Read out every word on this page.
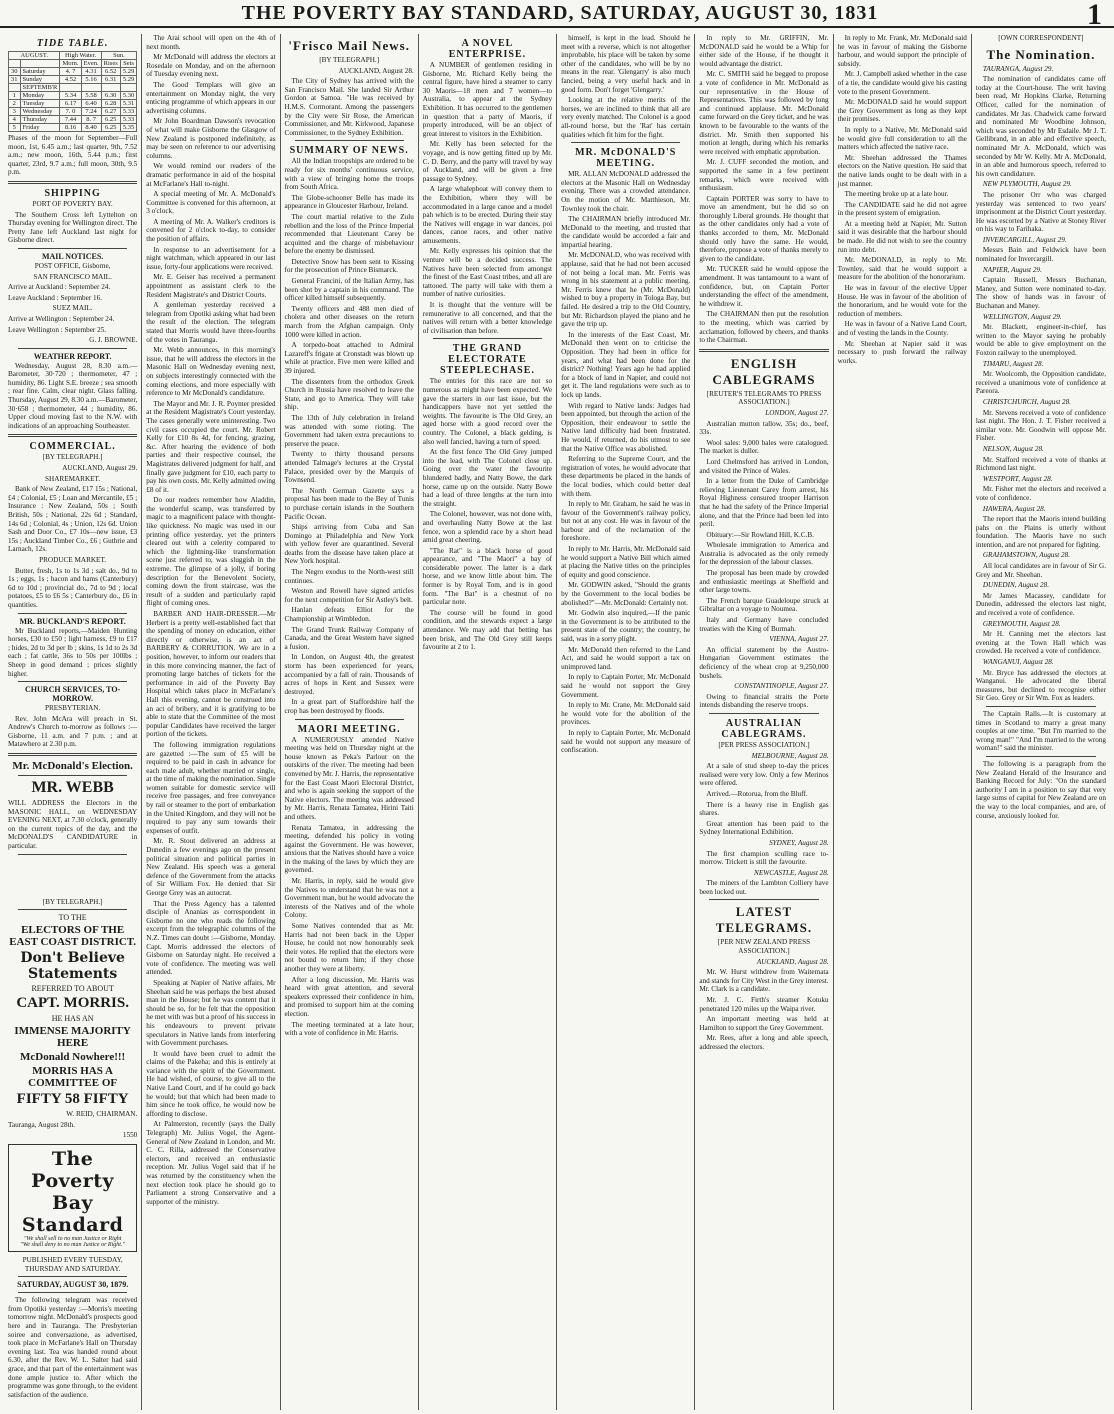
THE POVERTY BAY STANDARD, SATURDAY, AUGUST 30, 1831	1
TIDE TABLE.
AUGUST.		High Water.		Sun.	
		Morn.	Even.	Rises	Sets
30	Saturday	4. 7	4.31	6.52	5.29
31	Sunday	4.52	5.16	6.31	5.29
	SEPTEMB'R				
1	Monday	5.34	5.58	6.30	5.30
2	Tuesday	6.17	6.40	6.28	5.31
3	Wednesday	7. 0	7.24	6.27	5.33
4	Thursday	7.44	8. 7	6.25	5.33
5	Friday	8.16	8.40	6.25	5.35

Phases of the moon for September—Full moon, 1st, 6.45 a.m.; last quarter, 9th, 7.52 a.m.; new moon, 16th, 5.44 p.m.; first quarter, 23rd, 9.7 a.m.; full moon, 30th, 9.5 p.m.

SHIPPING

PORT OF POVERTY BAY.

The Southern Cross left Lyttelton on Thursday evening for Wellington direct. The Pretty Jane left Auckland last night for Gisborne direct.

MAIL NOTICES.

POST OFFICE, Gisborne,

SAN FRANCISCO MAIL.

Arrive at Auckland : September 24.

Leave Auckland : September 16.

SUEZ MAIL.

Arrive at Wellington : September 24.

Leave Wellington : September 25.

G. J. BROWNE.

WEATHER REPORT.

Wednesday, August 28, 8.30 a.m.—Barometer, 30·720 ; thermometer, 47 ; humidity, 86. Light S.E. breeze ; sea smooth ; rear fine. Calm, clear night. Glass falling. Thursday, August 29, 8.30 a.m.—Barometer, 30·658 ; thermometer, 44 ; humidity, 86. Upper cloud moving fast to the N.W. with indications of an approaching Southeaster.

COMMERCIAL.

[BY TELEGRAPH.]

AUCKLAND, August 29.

SHAREMARKET.

Bank of New Zealand, £17 15s ; National, £4 ; Colonial, £5 ; Loan and Mercantile, £5 ; Insurance : New Zealand, 50s ; South British, 50s ; National, 22s 6d ; Standard, 14s 6d ; Colonial, 4s ; Union, 12s 6d. Union Sash and Door Co., £7 10s—new issue, £3 15s ; Auckland Timber Co., £6 ; Guthrie and Larnach, 12s.

PRODUCE MARKET.

Butter, fresh, 1s to 1s 3d ; salt do., 9d to 1s ; eggs, 1s ; bacon and hams (Canterbury) 6d to 10d ; provincial do., 7d to 9d ; local potatoes, £5 to £6 5s ; Canterbury do., £6 in quantities.

MR. BUCKLAND'S REPORT.

Mr Buckland reports,—Maiden Hunting horses, £30 to £50 ; light harness, £9 to £17 ; hides, 2d to 3d per lb ; skins, 1s 1d to 2s 3d each ; fat cattle, 36s to 50s per 100lbs ; Sheep in good demand ; prices slightly higher.

CHURCH SERVICES, TO-MORROW.

PRESBYTERIAN.

Rev. John McAra will preach in St. Andrew's Church to-morrow as follows :—Gisborne, 11 a.m. and 7 p.m. ; and at Matawhero at 2.30 p.m.

Mr. McDonald's Election.
MR. WEBB

WILL ADDRESS the Electors in the MASONIC HALL, on WEDNESDAY EVENING NEXT, at 7.30 o'clock, generally on the current topics of the day, and the McDONALD'S CANDIDATURE in particular.

[BY TELEGRAPH.]

TO THE
ELECTORS OF THE EAST COAST DISTRICT.
Don't Believe Statements
REFERRED TO ABOUT
CAPT. MORRIS.
HE HAS AN
IMMENSE MAJORITY HERE
McDonald Nowhere!!!
MORRIS HAS A COMMITTEE OF
FIFTY 58 FIFTY

W. REID, CHAIRMAN.

Tauranga, August 28th.

1550

The Poverty Bay Standard
"We shall sell to no man Justice or Right
"We shall deny to no man Justice or Right."

PUBLISHED EVERY TUESDAY, THURSDAY AND SATURDAY.

SATURDAY, AUGUST 30, 1879.

The following telegram was received from Opotiki yesterday :—Morris's meeting tomorrow night. McDonald's prospects good here and in Tauranga. The Presbyterian soiree and conversazione, as advertised, took place in McFarlane's Hall on Thursday evening last. Tea was handed round about 6.30, after the Rev. W. L. Salter had said grace, and that part of the entertainment was done ample justice to. After which the programme was gone through, to the evident satisfaction of the audience.

The Arai school will open on the 4th of next month.

Mr McDonald will address the electors at Rosedale on Monday, and on the afternoon of Tuesday evening next.

The Good Templars will give an entertainment on Monday night, the very enticing programme of which appears in our advertising columns.

Mr John Boardman Dawson's revocation of what will make Gisborne the Glasgow of New Zealand is postponed indefinitely, as may be seen on reference to our advertising columns.

We would remind our readers of the dramatic performance in aid of the hospital at McFarlane's Hall to-night.

A special meeting of Mr. A. McDonald's Committee is convened for this afternoon, at 3 o'clock.

A meeting of Mr. A. Walker's creditors is convened for 2 o'clock to-day, to consider the position of affairs.

In response to an advertisement for a night watchman, which appeared in our last issue, forty-four applications were received.

Mr. E. Geiser has received a permanent appointment as assistant clerk to the Resident Magistrate's and District Courts.

A gentleman yesterday received a telegram from Opotiki asking what had been the result of the election. The telegram stated that Morris would have three-fourths of the votes in Tauranga.

Mr. Webb announces, in this morning's issue, that he will address the electors in the Masonic Hall on Wednesday evening next, on subjects interestingly connected with the coming elections, and more especially with reference to Mr McDonald's candidature.

The Mayor and Mr. J. R. Poynter presided at the Resident Magistrate's Court yesterday. The cases generally were uninteresting. Two civil cases occupied the court. Mr. Robert Kelly for £10 8s 4d, for fencing, grazing, &c. After hearing the evidence of both parties and their respective counsel, the Magistrates delivered judgment for half, and finally gave judgment for £10, each party to pay his own costs. Mr. Kelly admitted owing £8 of it.

Do our readers remember how Aladdin, the wonderful scamp, was transferred by magic to a magnificent palace with thought-like quickness. No magic was used in our printing office yesterday, yet the printers cleared out with a celerity compared to which the lightning-like transformation scene just referred to, was sluggish in the extreme. The glimpse of a jolly, if boring description for the Benevolent Society, coming down the front staircase, was the result of a sudden and particularly rapid flight of coming ones.

BARBER AND HAIR-DRESSER.—Mr Herbert is a pretty well-established fact that the spending of money on education, either directly or otherwise, is an act of BARBERY & CORRUTION. We are in a position, however, to inform our readers that in this more convincing manner, the fact of promoting large batches of tickets for the performance in aid of the Poverty Bay Hospital which takes place in McFarlane's Hall this evening, cannot be construed into an act of bribery, and it is gratifying to be able to state that the Committee of the most popular Candidates have received the larger portion of the tickets.

The following immigration regulations are gazetted :—The sum of £5 will be required to be paid in cash in advance for each male adult, whether married or single, at the time of making the nomination. Single women suitable for domestic service will receive free passages, and free conveyance by rail or steamer to the port of embarkation in the United Kingdom, and they will not be required to pay any sum towards their expenses of outfit.

Mr. R. Stout delivered an address at Dunedin a few evenings ago on the present political situation and political parties in New Zealand. His speech was a general defence of the Government from the attacks of Sir William Fox. He denied that Sir George Grey was an autocrat.

That the Press Agency has a talented disciple of Ananias as correspondent in Gisborne no one who reads the following excerpt from the telegraphic columns of the N.Z. Times can doubt :—Gisborne, Monday. Capt. Morris addressed the electors of Gisborne on Saturday night. He received a vote of confidence. The meeting was well attended.

Speaking at Napier of Native affairs, Mr Sheehan said he was perhaps the best abused man in the House; but he was content that it should be so, for he felt that the opposition he met with was but a proof of his success in his endeavours to prevent private speculators in Native lands from interfering with Government purchases.

It would have been cruel to admit the claims of the Pakeha; and this is entirely at variance with the spirit of the Government. He had wished, of course, to give all to the Native Land Court, and if he could go back he would; but that which had been made to him since he took office, he would now be affording to disclose.

At Palmerston, recently (says the Daily Telegraph) Mr. Julius Vogel, the Agent-General of New Zealand in London, and Mr. C. C. Rilla, addressed the Conservative electors, and received an enthusiastic reception. Mr. Julius Vogel said that if he was returned by the constituency when the next election took place he should go to Parliament a strong Conservative and a supporter of the ministry.

'Frisco Mail News.

[BY TELEGRAPH.]

AUCKLAND, August 28.

The City of Sydney has arrived with the San Francisco Mail. She landed Sir Arthur Gordon at Samoa. "He was received by H.M.S. Cormorant. Among the passengers by the City were Sir Rose, the American Commissioner, and Mr. Kirkwood, Japanese Commissioner, to the Sydney Exhibition.

SUMMARY OF NEWS.

All the Indian troopships are ordered to be ready for six months' continuous service, with a view of bringing home the troops from South Africa.

The Globe-schooner Belle has made its appearance in Gloucester Harbour, Ireland.

The court martial relative to the Zulu rebellion and the loss of the Prince Imperial recommended that Lieutenant Carey be acquitted and the charge of misbehaviour before the enemy be dismissed.

Detective Snow has been sent to Kissing for the prosecution of Prince Bismarck.

General Francini, of the Italian Army, has been shot by a captain in his command. The officer killed himself subsequently.

Twenty officers and 488 men died of cholera and other diseases on the return march from the Afghan campaign. Only 1000 were killed in action.

A torpedo-boat attached to Admiral Lazareff's frigate at Cronstadt was blown up while at practice. Five men were killed and 39 injured.

The dissenters from the orthodox Greek Church in Russia have resolved to leave the State, and go to America. They will take ship.

The 13th of July celebration in Ireland was attended with some rioting. The Government had taken extra precautions to preserve the peace.

Twenty to thirty thousand persons attended Talmage's lectures at the Crystal Palace, presided over by the Marquis of Townsend.

The North German Gazette says a proposal has been made to the Bey of Tunis to purchase certain islands in the Southern Pacific Ocean.

Ships arriving from Cuba and San Domingo at Philadelphia and New York with yellow fever are quarantined. Several deaths from the disease have taken place at New York hospital.

The Negro exodus to the North-west still continues.

Weston and Rowell have signed articles for the next competition for Sir Astley's belt.

Hanlan defeats Elliot for the Championship at Wimbledon.

The Grand Trunk Railway Company of Canada, and the Great Western have signed a fusion.

In London, on August 4th, the greatest storm has been experienced for years, accompanied by a fall of rain. Thousands of acres of hops in Kent and Sussex were destroyed.

In a great part of Staffordshire half the crop has been destroyed by floods.

MAORI MEETING.

A NUMEROUSLY attended Native meeting was held on Thursday night at the house known as Peka's Parlour on the outskirts of the river. The meeting had been convened by Mr. J. Harris, the representative for the East Coast Maori Electoral District, and who is again seeking the support of the Native electors. The meeting was addressed by Mr. Harris, Renata Tamatea, Hirini Taiti and others.

Renata Tamatea, in addressing the meeting, defended his policy in voting against the Government. He was however, anxious that the Natives should have a voice in the making of the laws by which they are governed.

Mr. Harris, in reply, said he would give the Natives to understand that he was not a Government man, but he would advocate the interests of the Natives and of the whole Colony.

Some Natives contended that as Mr. Harris had not been back in the Upper House, he could not now honourably seek their votes. He replied that the electors were not bound to return him; if they chose another they were at liberty.

After a long discussion, Mr. Harris was heard with great attention, and several speakers expressed their confidence in him, and promised to support him at the coming election.

The meeting terminated at a late hour, with a vote of confidence in Mr. Harris.

A NOVEL ENTERPRISE.

A NUMBER of gentlemen residing in Gisborne, Mr. Richard Kelly being the central figure, have hired a steamer to carry 30 Maoris—18 men and 7 women—to Australia, to appear at the Sydney Exhibition. It has occurred to the gentlemen in question that a party of Maoris, if properly introduced, will be an object of great interest to visitors in the Exhibition.

Mr. Kelly has been selected for the voyage, and is now getting fitted up by Mr. C. D. Berry, and the party will travel by way of Auckland, and will be given a free passage to Sydney.

A large whalepboat will convey them to the Exhibition, where they will be accommodated in a large canoe and a model pah which is to be erected. During their stay the Natives will engage in war dances, poi dances, canoe races, and other native amusements.

Mr. Kelly expresses his opinion that the venture will be a decided success. The Natives have been selected from amongst the finest of the East Coast tribes, and all are tattooed. The party will take with them a number of native curiosities.

It is thought that the venture will be remunerative to all concerned, and that the natives will return with a better knowledge of civilisation than before.

THE GRAND ELECTORATE STEEPLECHASE.

The entries for this race are not so numerous as might have been expected. We gave the starters in our last issue, but the handicappers have not yet settled the weights. The favourite is The Old Grey, an aged horse with a good record over the country. The Colonel, a black gelding, is also well fancied, having a turn of speed.

At the first fence The Old Grey jumped into the lead, with The Colonel close up. Going over the water the favourite blundered badly, and Natty Bowe, the dark horse, came up on the outside. Natty Bowe had a lead of three lengths at the turn into the straight.

The Colonel, however, was not done with, and overhauling Natty Bowe at the last fence, won a splendid race by a short head amid great cheering.

"The Rat" is a black horse of good appearance, and "The Maori" a bay of considerable power. The latter is a dark horse, and we know little about him. The former is by Royal Tom, and is in good form. "The Bat" is a chestnut of no particular note.

The course will be found in good condition, and the stewards expect a large attendance. We may add that betting has been brisk, and The Old Grey still keeps favourite at 2 to 1.

himself, is kept in the lead. Should he meet with a reverse, which is not altogether improbable, his place will be taken by some other of the candidates, who will be by no means in the rear. 'Glengarry' is also much fancied, being a very useful hack and in good form. Don't forget 'Glengarry.'

Looking at the relative merits of the horses, we are inclined to think that all are very evenly matched. The Colonel is a good all-round horse, but the 'Rat' has certain qualities which fit him for the fight.

MR. McDONALD'S MEETING.

MR. ALLAN McDONALD addressed the electors at the Masonic Hall on Wednesday evening. There was a crowded attendance. On the motion of Mr. Matthieson, Mr. Townley took the chair.

The CHAIRMAN briefly introduced Mr. McDonald to the meeting, and trusted that the candidate would be accorded a fair and impartial hearing.

Mr. McDONALD, who was received with applause, said that he had not been accused of not being a local man. Mr. Ferris was wrong in his statement at a public meeting. Mr. Ferris knew that he (Mr. McDonald) wished to buy a property in Tologa Bay, but failed. He desired a trip to the Old Country, but Mr. Richardson played the piano and he gave the trip up.

In the interests of the East Coast, Mr. McDonald then went on to criticise the Opposition. They had been in office for years, and what had been done for the district? Nothing! Years ago he had applied for a block of land in Napier, and could not get it. The land regulations were such as to lock up lands.

With regard to Native lands: Judges had been appointed, but through the action of the Opposition, their endeavour to settle the Native land difficulty had been frustrated. He would, if returned, do his utmost to see that the Native Office was abolished.

Referring to the Supreme Court, and the registration of votes, he would advocate that these departments be placed in the hands of the local bodies, which could better deal with them.

In reply to Mr. Graham, he said he was in favour of the Government's railway policy, but not at any cost. He was in favour of the harbour and of the reclamation of the foreshore.

In reply to Mr. Harris, Mr. McDonald said he would support a Native Bill which aimed at placing the Native titles on the principles of equity and good conscience.

Mr. GODWIN asked, "Should the grants by the Government to the local bodies be abolished?"—Mr. McDonald: Certainly not.

Mr. Godwin also inquired,—If the panic in the Government is to be attributed to the present state of the country; the country, he said, was in a sorry plight.

Mr. McDonald then referred to the Land Act, and said he would support a tax on unimproved land.

In reply to Captain Porter, Mr. McDonald said he would not support the Grey Government.

In reply to Mr. Crane, Mr. McDonald said he would vote for the abolition of the provinces.

In reply to Captain Porter, Mr. McDonald said he would not support any measure of confiscation.

In reply to Mr. GRIFFIN, Mr. McDONALD said he would be a Whip for either side of the House, if he thought it would advantage the district.

Mr. C. SMITH said he begged to propose a vote of confidence in Mr. McDonald as our representative in the House of Representatives. This was followed by long and continued applause. Mr. McDonald came forward on the Grey ticket, and he was known to be favourable to the wants of the district. Mr. Smith then supported his motion at length, during which his remarks were received with emphatic approbation.

Mr. J. CUFF seconded the motion, and supported the same in a few pertinent remarks, which were received with enthusiasm.

Captain PORTER was sorry to have to move an amendment, but he did so on thoroughly Liberal grounds. He thought that as the other candidates only had a vote of thanks accorded to them, Mr. McDonald should only have the same. He would, therefore, propose a vote of thanks merely to given to the candidate.

Mr. TUCKER said he would oppose the amendment. It was tantamount to a want of confidence, but, on Captain Porter understanding the effect of the amendment, he withdrew it.

The CHAIRMAN then put the resolution to the meeting, which was carried by acclamation, followed by cheers, and thanks to the Chairman.

ENGLISH CABLEGRAMS

[REUTER'S TELEGRAMS TO PRESS ASSOCIATION.]

LONDON, August 27.

Australian mutton tallow, 35s; do., beef, 33s.

Wool sales: 9,000 bales were catalogued. The market is duller.

Lord Chelmsford has arrived in London, and visited the Prince of Wales.

In a letter from the Duke of Cambridge relieving Lieutenant Carey from arrest, his Royal Highness censured trooper Harrison that he had the safety of the Prince Imperial alone, and that the Prince had been led into peril.

Obituary:—Sir Rowland Hill, K.C.B.

Wholesale immigration to America and Australia is advocated as the only remedy for the depression of the labour classes.

The proposal has been made by crowded and enthusiastic meetings at Sheffield and other large towns.

The French barque Guadeloupe struck at Gibraltar on a voyage to Noumea.

Italy and Germany have concluded treaties with the King of Burmah.

VIENNA, August 27.

An official statement by the Austro-Hungarian Government estimates the deficiency of the wheat crop at 9,250,000 bushels.

CONSTANTINOPLE, August 27.

Owing to financial straits the Porte intends disbanding the reserve troops.

AUSTRALIAN CABLEGRAMS.

[PER PRESS ASSOCIATION.]

MELBOURNE, August 28.

At a sale of stud sheep to-day the prices realised were very low. Only a few Merinos were offered.

Arrived.—Rotorua, from the Bluff.

There is a heavy rise in English gas shares.

Great attention has been paid to the Sydney International Exhibition.

SYDNEY, August 28.

The first champion sculling race to-morrow. Trickett is still the favourite.

NEWCASTLE, August 28.

The miners of the Lambton Colliery have been locked out.

LATEST TELEGRAMS.

[PER NEW ZEALAND PRESS ASSOCIATION.]

AUCKLAND, August 28.

Mr. W. Hurst withdrew from Waitemata and stands for City West in the Grey interest. Mr. Clark is a candidate.

Mr. J. C. Firth's steamer Kotuku penetrated 120 miles up the Waipa river.

An important meeting was held at Hamilton to support the Grey Government.

Mr. Rees, after a long and able speech, addressed the electors.

In reply to Mr. Frank, Mr. McDonald said he was in favour of making the Gisborne harbour, and would support the principle of subsidy.

Mr. J. Campbell asked whether in the case of a tie, the candidate would give his casting vote to the present Government.

Mr. McDONALD said he would support the Grey Government as long as they kept their promises.

In reply to a Native, Mr. McDonald said he would give full consideration to all the matters which affected the native race.

Mr. Sheehan addressed the Thames electors on the Native question. He said that the native lands ought to be dealt with in a just manner.

The meeting broke up at a late hour.

The CANDIDATE said he did not agree in the present system of emigration.

At a meeting held at Napier, Mr. Sutton said it was desirable that the harbour should be made. He did not wish to see the country run into debt.

Mr. McDONALD, in reply to Mr. Townley, said that he would support a measure for the abolition of the honorarium.

He was in favour of the elective Upper House. He was in favour of the abolition of the honorarium, and he would vote for the reduction of members.

He was in favour of a Native Land Court, and of vesting the lands in the County.

Mr. Sheehan at Napier said it was necessary to push forward the railway works.

[OWN CORRESPONDENT]

The Nomination.

TAURANGA, August 29.

The nomination of candidates came off today at the Court-house. The writ having been read, Mr Hopkins Clarke, Returning Officer, called for the nomination of candidates. Mr Jas. Chadwick came forward and nominated Mr Woodbine Johnson, which was seconded by Mr Esdaile. Mr J. T. Gellibrand, in an able and effective speech, nominated Mr A. McDonald, which was seconded by Mr W. Kelly. Mr A. McDonald, in an able and humorous speech, referred to his own candidature.

NEW PLYMOUTH, August 29.

The prisoner Orr who was charged yesterday was sentenced to two years' imprisonment at the District Court yesterday. He was escorted by a Native at Stoney River on his way to Farihaka.

INVERCARGILL, August 29.

Messrs Bain and Feldwick have been nominated for Invercargill.

NAPIER, August 29.

Captain Russell, Messrs Buchanan, Maney, and Sutton were nominated to-day. The show of hands was in favour of Buchanan and Maney.

WELLINGTON, August 29.

Mr. Blackett, engineer-in-chief, has written to the Mayor saying he probably would be able to give employment on the Foxton railway to the unemployed.

TIMARU, August 28.

Mr. Woolcomb, the Opposition candidate, received a unanimous vote of confidence at Pareora.

CHRISTCHURCH, August 28.

Mr. Stevens received a vote of confidence last night. The Hon. J. T. Fisher received a similar vote. Mr. Goodwin will oppose Mr. Fisher.

NELSON, August 28.

Mr. Stafford received a vote of thanks at Richmond last night.

WESTPORT, August 28.

Mr. Fisher met the electors and received a vote of confidence.

HAWERA, August 28.

The report that the Maoris intend building pahs on the Plains is utterly without foundation. The Maoris have no such intention, and are not prepared for fighting.

GRAHAMSTOWN, August 28.

All local candidates are in favour of Sir G. Grey and Mr. Sheehan.

DUNEDIN, August 28.

Mr James Macassey, candidate for Dunedin, addressed the electors last night, and received a vote of confidence.

GREYMOUTH, August 28.

Mr H. Canning met the electors last evening at the Town Hall which was crowded. He received a vote of confidence.

WANGANUI, August 28.

Mr. Bryce has addressed the electors at Wanganui. He advocated the liberal measures, but declined to recognise either Sir Geo. Grey or Sir Wm. Fox as leaders.

The Captain Ralls.—It is customary at times in Scotland to marry a great many couples at one time. "But I'm married to the wrong man!" "And I'm married to the wrong woman!" said the minister.

The following is a paragraph from the New Zealand Herald of the Insurance and Banking Record for July: "On the standard authority I am in a position to say that very large sums of capital for New Zealand are on the way to the local companies, and are, of course, anxiously looked for.
